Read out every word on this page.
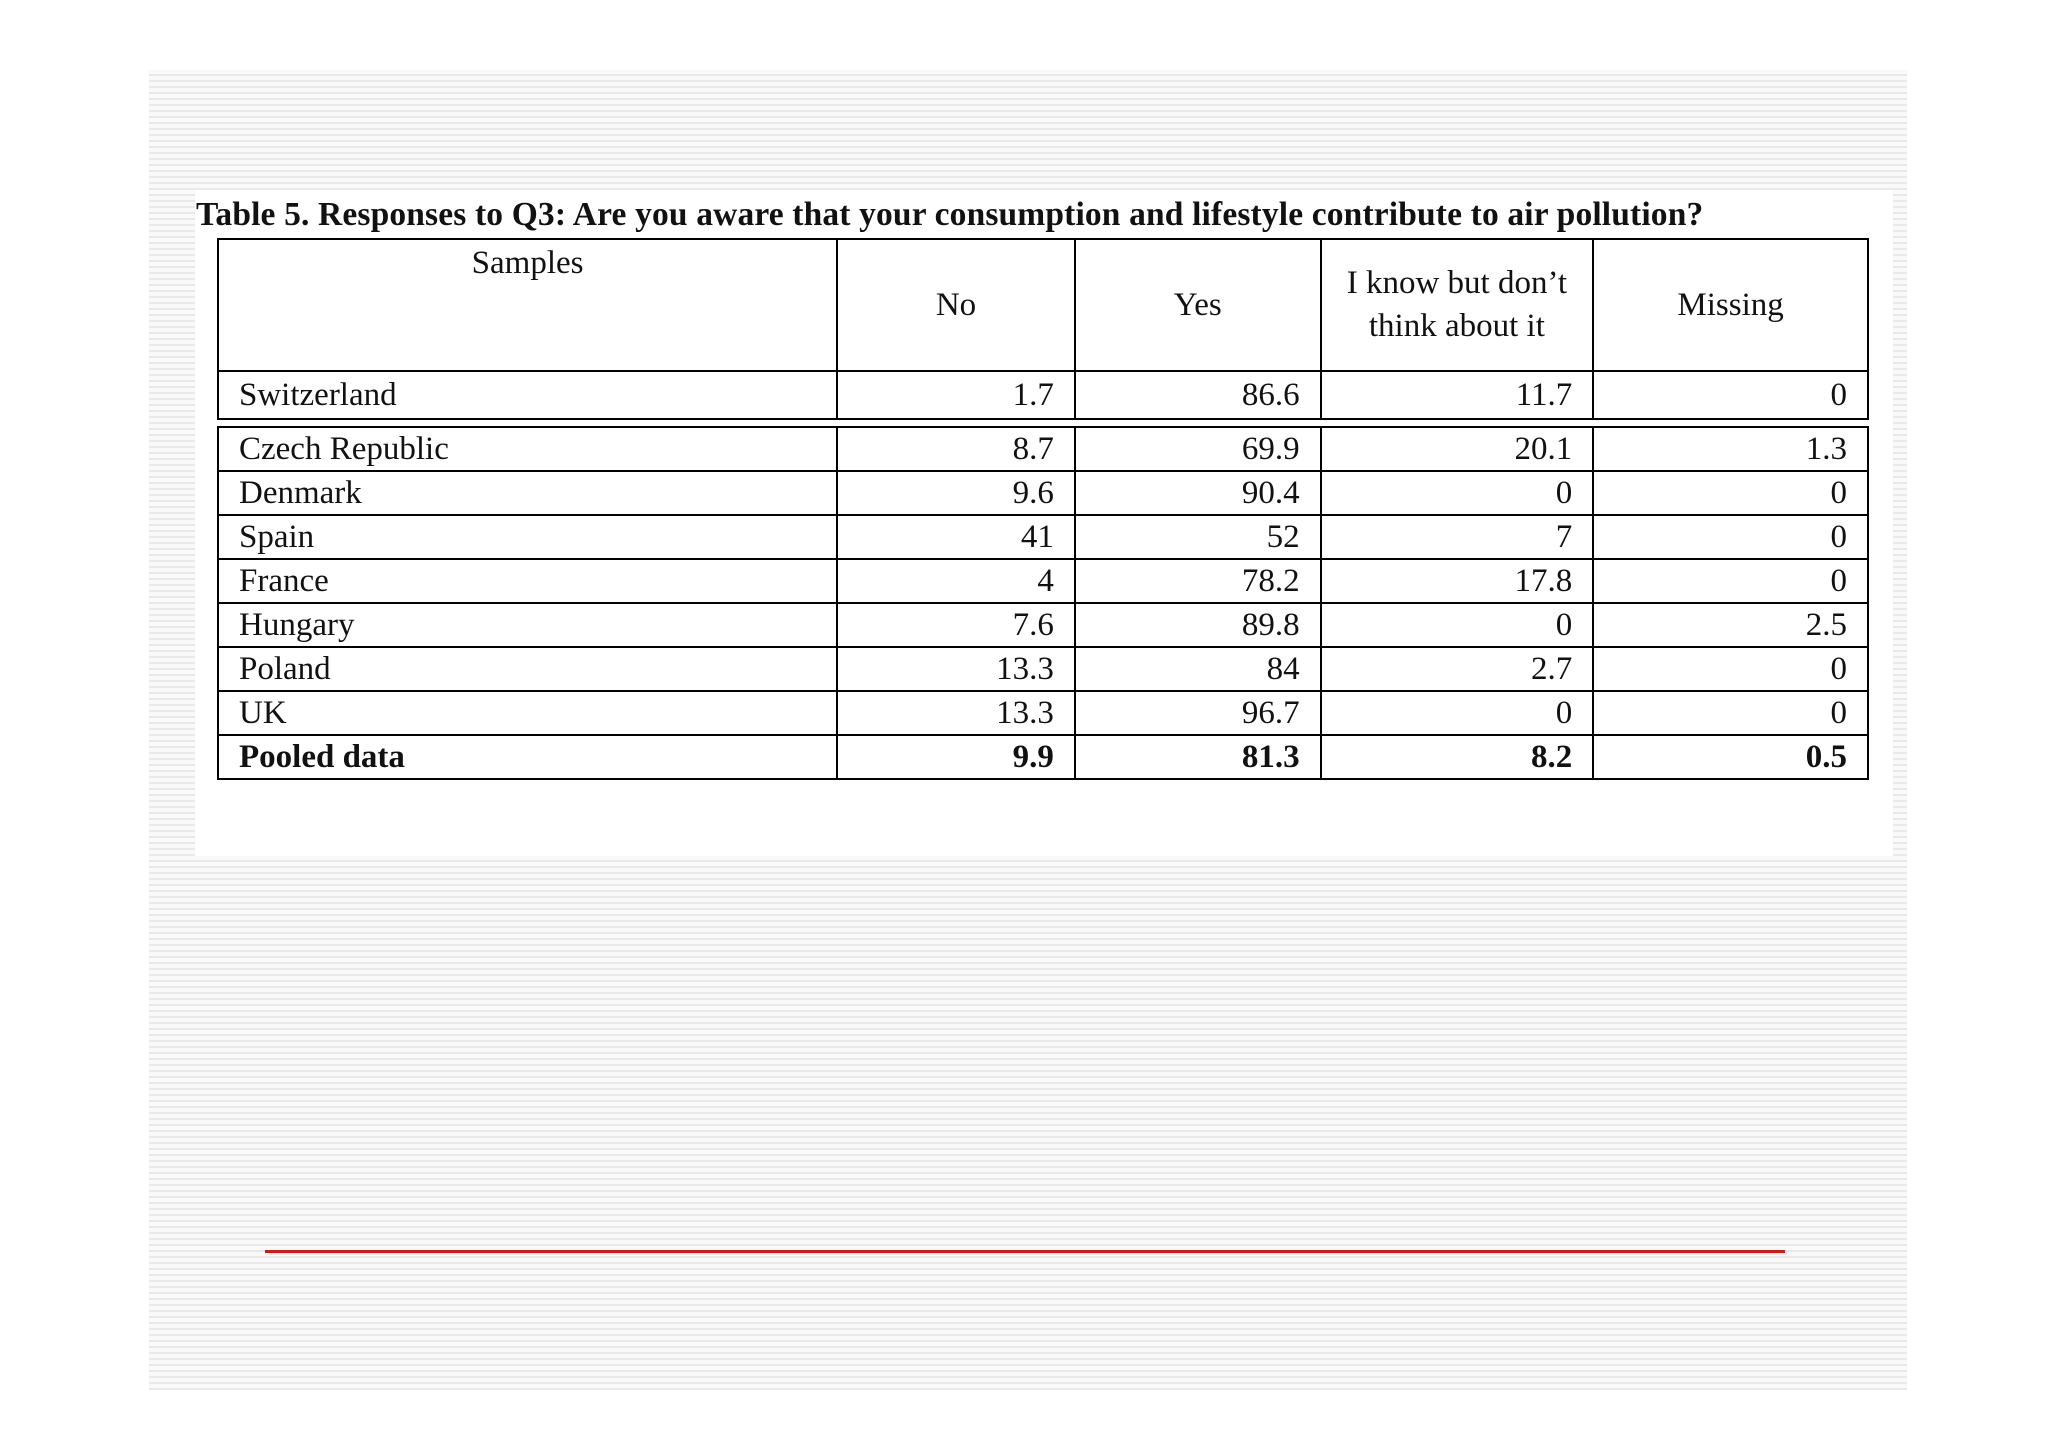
Table 5. Responses to Q3: Are you aware that your consumption and lifestyle contribute to air pollution?
Samples	No	Yes	I know but don’t think about it	Missing
Switzerland	1.7	86.6	11.7	0

Czech Republic	8.7	69.9	20.1	1.3
Denmark	9.6	90.4	0	0
Spain	41	52	7	0
France	4	78.2	17.8	0
Hungary	7.6	89.8	0	2.5
Poland	13.3	84	2.7	0
UK	13.3	96.7	0	0
Pooled data	9.9	81.3	8.2	0.5
